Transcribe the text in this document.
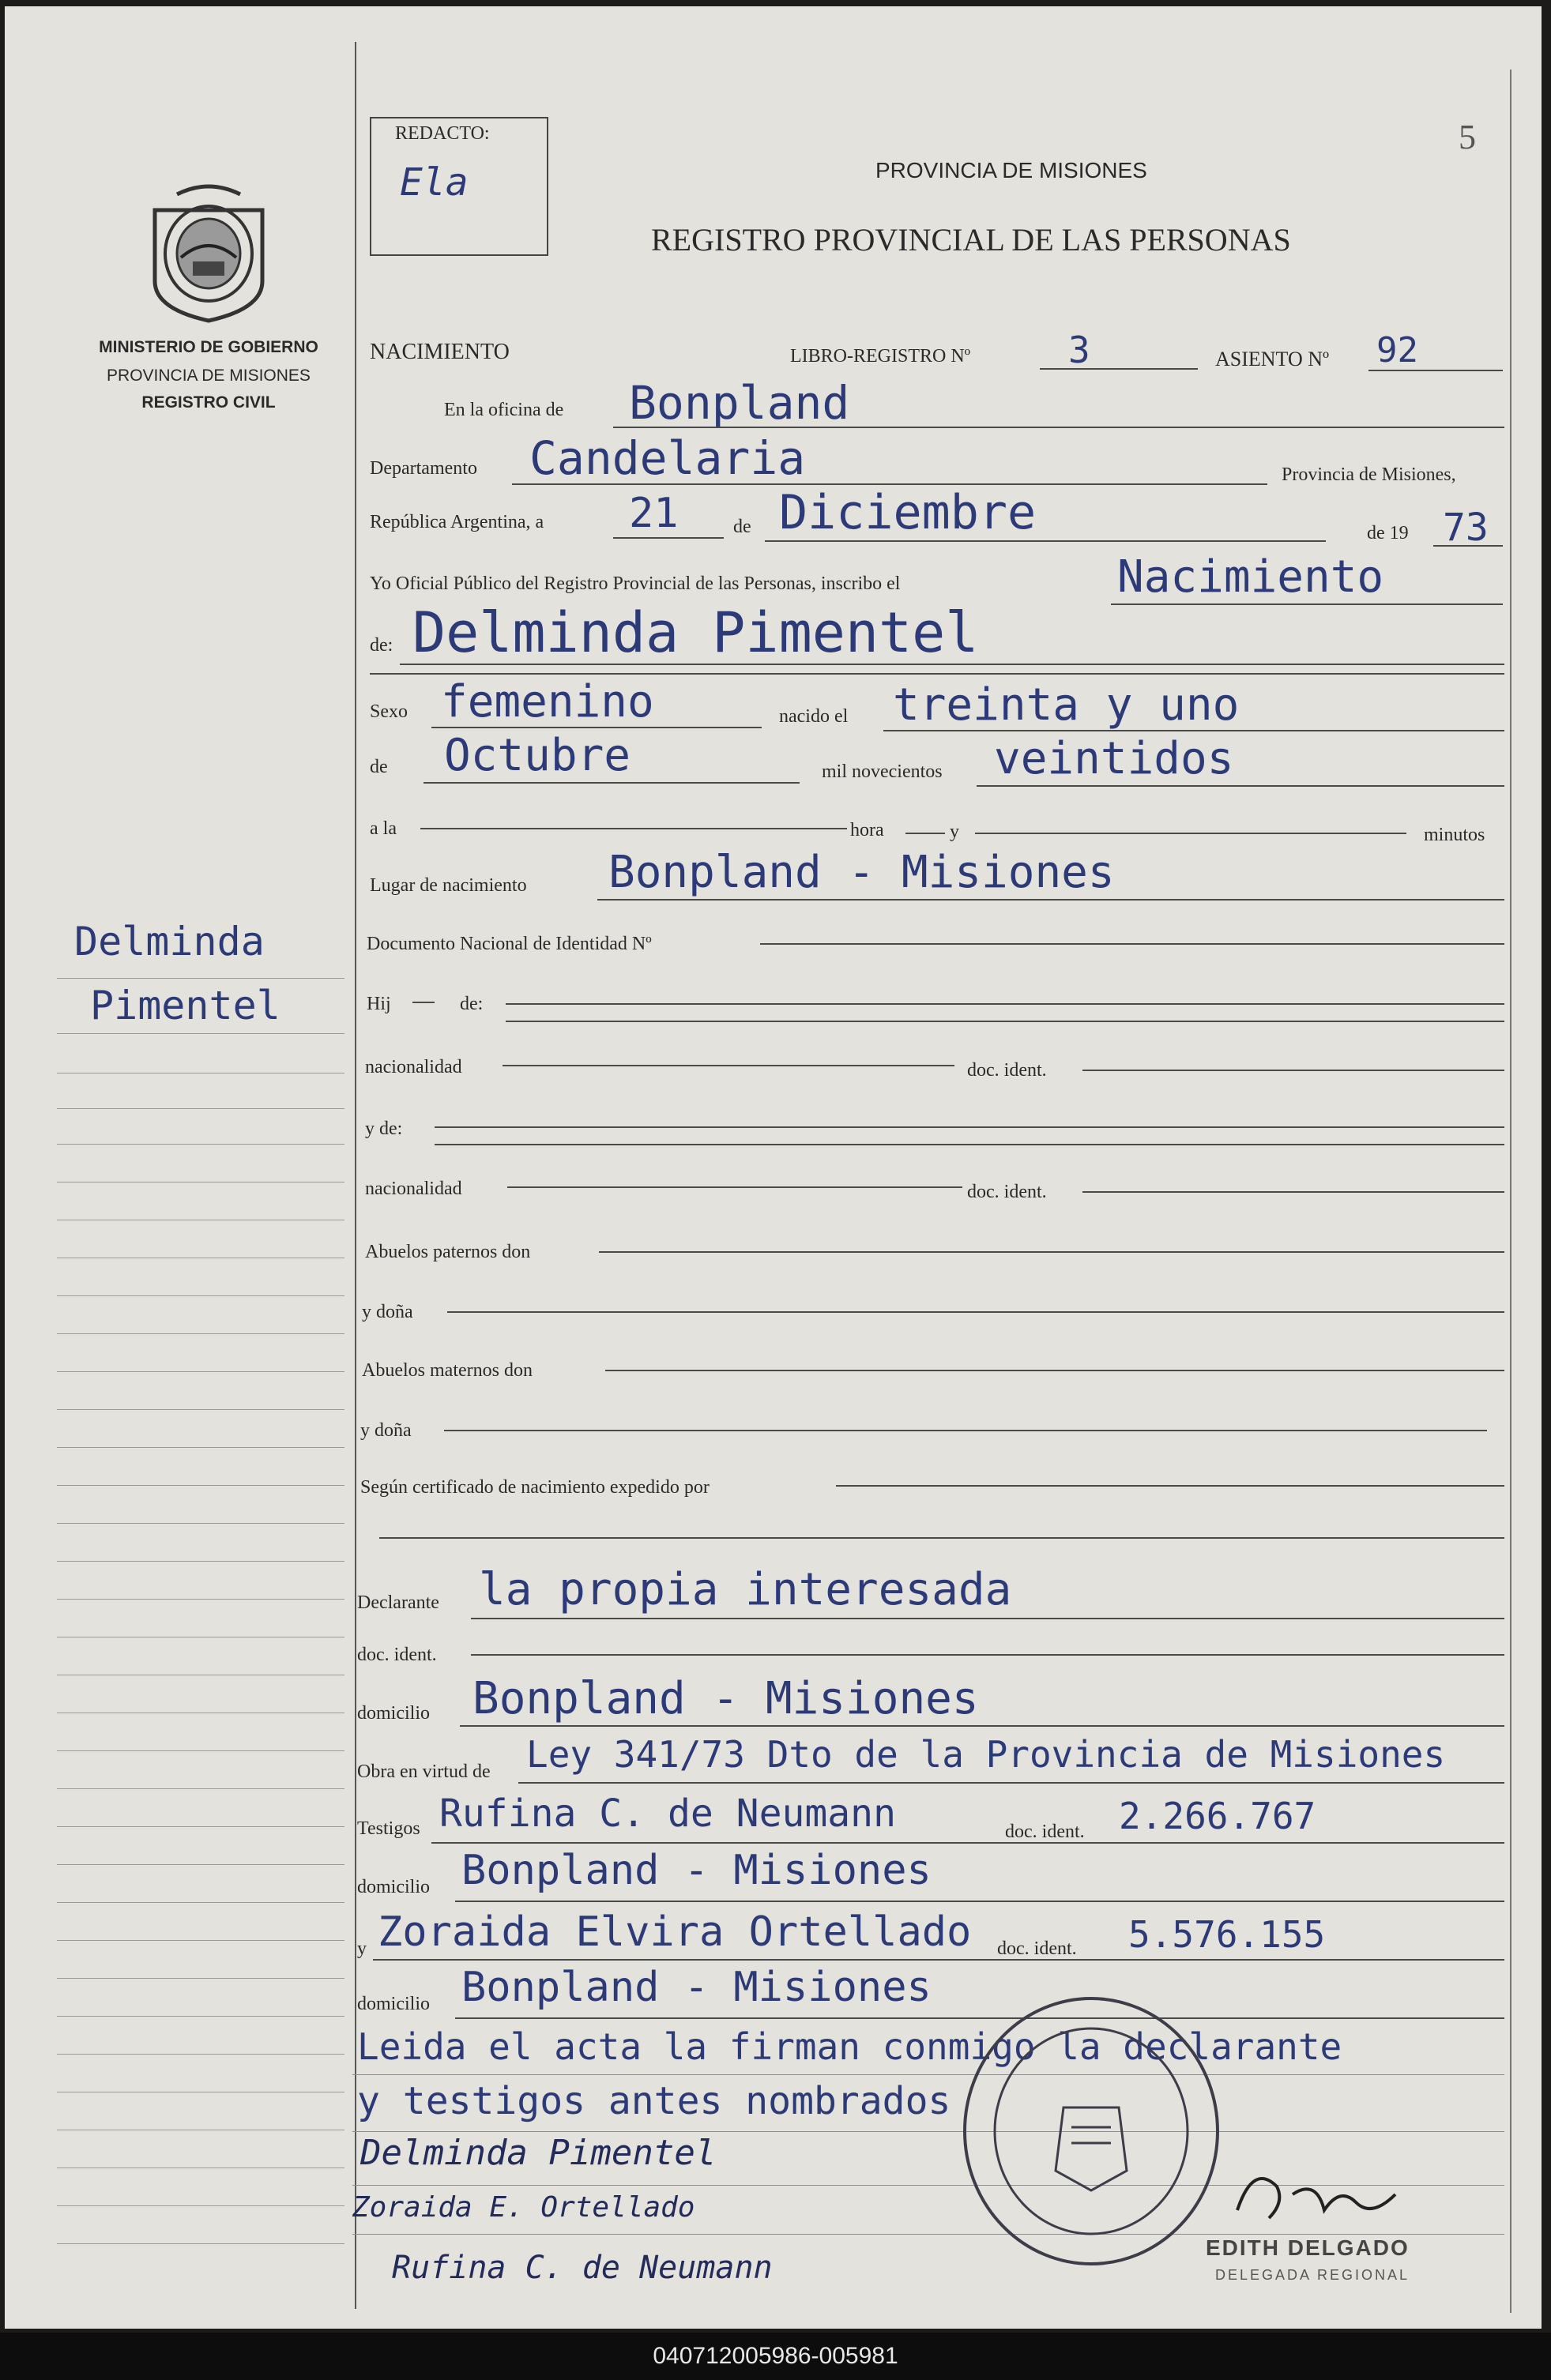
5
MINISTERIO DE GOBIERNO
PROVINCIA DE MISIONES
REGISTRO CIVIL
Delminda
Pimentel
REDACTO:
Ela	PROVINCIA DE MISIONES
REGISTRO PROVINCIAL DE LAS PERSONAS
NACIMIENTO	LIBRO-REGISTRO Nº	3	ASIENTO Nº 92
En la oficina de Bonpland
Departamento Candelaria	Provincia de Misiones,
República Argentina, a 21	de Diciembre	de 19 73
Yo Oficial Público del Registro Provincial de las Personas, inscribo el	Nacimiento
de: Delminda Pimentel
Sexo femenino	nacido el treinta y uno
de Octubre	mil novecientos veintidos
a la	hora	y	minutos
Lugar de nacimiento Bonpland - Misiones
Documento Nacional de Identidad Nº
Hij	de:
nacionalidad	doc. ident.
y de:
nacionalidad	doc. ident.
Abuelos paternos don
y doña
Abuelos maternos don
y doña
Según certificado de nacimiento expedido por
Declarante la propia interesada
doc. ident.
domicilio Bonpland - Misiones
Obra en virtud de Ley 341/73 Dto de la Provincia de Misiones
Testigos Rufina C. de Neumann	doc. ident. 2.266.767
domicilio Bonpland - Misiones
y Zoraida Elvira Ortellado doc. ident. 5.576.155
domicilio Bonpland - Misiones
Leida el acta la firman conmigo la declarante
y testigos antes nombrados
Delminda Pimentel
Zoraida E. Ortellado
Rufina C. de Neumann
EDITH DELGADO
DELEGADA REGIONAL
040712005986-005981
